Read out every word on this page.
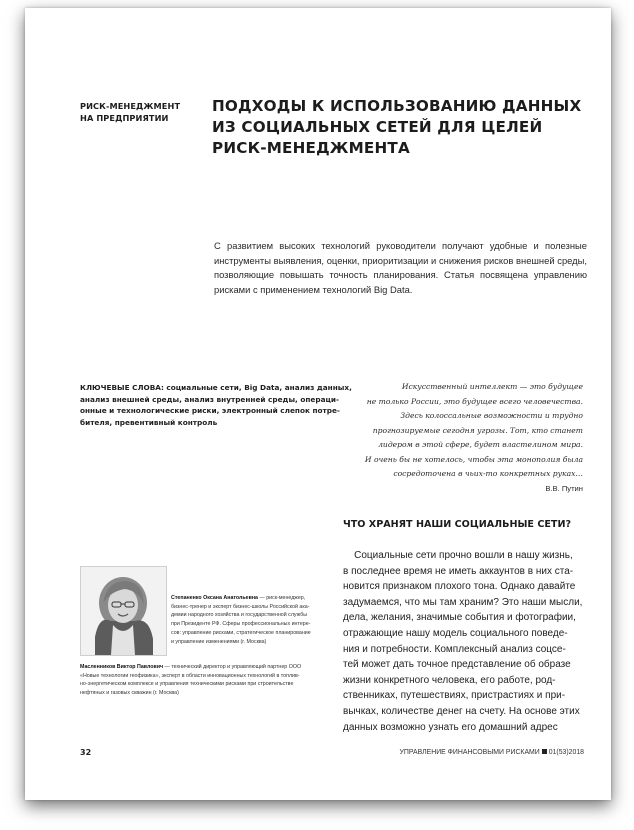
РИСК-МЕНЕДЖМЕНТ
НА ПРЕДПРИЯТИИ
ПОДХОДЫ К ИСПОЛЬЗОВАНИЮ ДАННЫХ
ИЗ СОЦИАЛЬНЫХ СЕТЕЙ ДЛЯ ЦЕЛЕЙ
РИСК-МЕНЕДЖМЕНТА
С развитием высоких технологий руководители получают удобные и полезные инструменты выявления, оценки, приоритизации и снижения рисков внешней среды, позволяющие повышать точность планирования. Статья посвящена управлению рисками с применением технологий Big Data.
КЛЮЧЕВЫЕ СЛОВА: социальные сети, Big Data, анализ данных,
анализ внешней среды, анализ внутренней среды, операци-
онные и технологические риски, электронный слепок потре-
бителя, превентивный контроль
Искусственный интеллект — это будущее
не только России, это будущее всего человечества.
Здесь колоссальные возможности и трудно
прогнозируемые сегодня угрозы. Тот, кто станет
лидером в этой сфере, будет властелином мира.
И очень бы не хотелось, чтобы эта монополия была
сосредоточена в чьих-то конкретных руках…
В.В. Путин
ЧТО ХРАНЯТ НАШИ СОЦИАЛЬНЫЕ СЕТИ?
Социальные сети прочно вошли в нашу жизнь,
в последнее время не иметь аккаунтов в них ста-
новится признаком плохого тона. Однако давайте
задумаемся, что мы там храним? Это наши мысли,
дела, желания, значимые события и фотографии,
отражающие нашу модель социального поведе-
ния и потребности. Комплексный анализ соцсе-
тей может дать точное представление об образе
жизни конкретного человека, его работе, род-
ственниках, путешествиях, пристрастиях и при-
вычках, количестве денег на счету. На основе этих
данных возможно узнать его домашний адрес
Степаненко Оксана Анатольевна — риск-менеджер,
бизнес-тренер и эксперт бизнес-школы Российской ака-
демии народного хозяйства и государственной службы
при Президенте РФ. Сферы профессиональных интере-
сов: управление рисками, стратегическое планирование
и управление изменениями (г. Москва)
Масленников Виктор Павлович — технический директор и управляющий партнер ООО
«Новые технологии геофизика», эксперт в области инновационных технологий в топлив-
но-энергетическом комплексе и управления техническими рисками при строительстве
нефтяных и газовых скважин (г. Москва)
32	УПРАВЛЕНИЕ ФИНАНСОВЫМИ РИСКАМИ 01(53)2018
